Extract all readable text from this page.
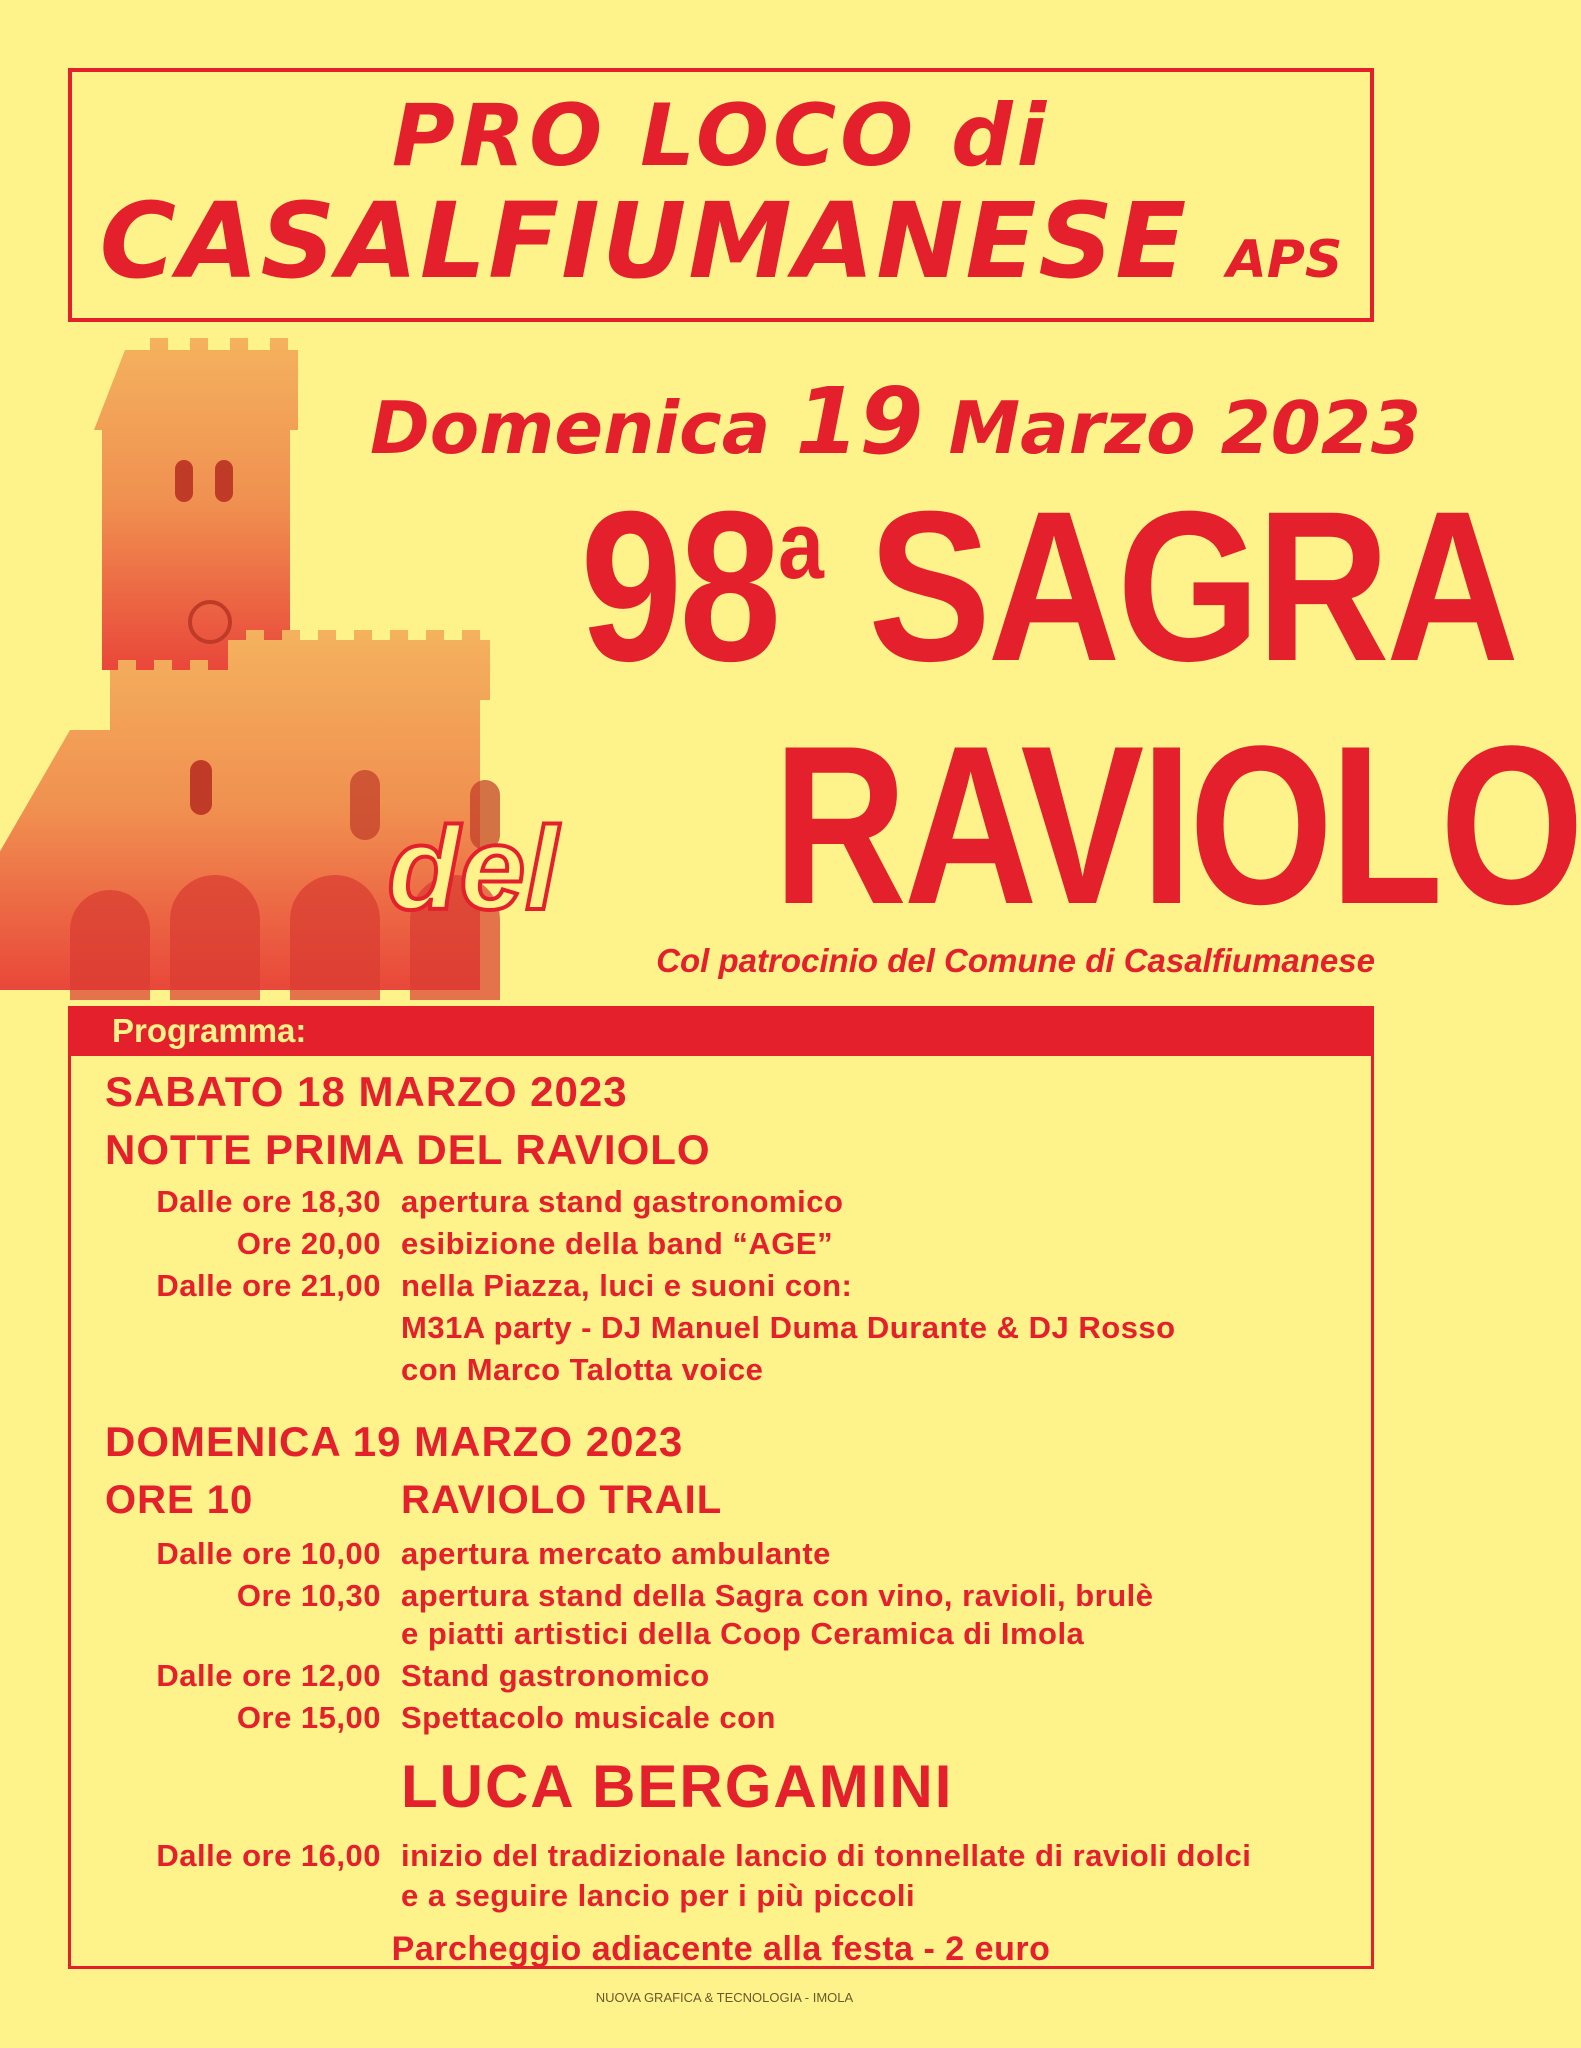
PRO LOCO di
CASALFIUMANESE APS
Domenica 19 Marzo 2023
98$^a$ SAGRA
del RAVIOLO
Col patrocinio del Comune di Casalfiumanese
Programma:
SABATO 18 MARZO 2023
NOTTE PRIMA DEL RAVIOLO
Dalle ore 18,30 apertura stand gastronomico
Ore 20,00 esibizione della band “AGE”
Dalle ore 21,00 nella Piazza, luci e suoni con:
M31A party - DJ Manuel Duma Durante & DJ Rosso
con Marco Talotta voice
DOMENICA 19 MARZO 2023
ORE 10	RAVIOLO TRAIL
Dalle ore 10,00 apertura mercato ambulante
Ore 10,30 apertura stand della Sagra con vino, ravioli, brulè
e piatti artistici della Coop Ceramica di Imola
Dalle ore 12,00 Stand gastronomico
Ore 15,00 Spettacolo musicale con
LUCA BERGAMINI
Dalle ore 16,00 inizio del tradizionale lancio di tonnellate di ravioli dolci
e a seguire lancio per i più piccoli
Parcheggio adiacente alla festa - 2 euro
NUOVA GRAFICA & TECNOLOGIA - IMOLA
